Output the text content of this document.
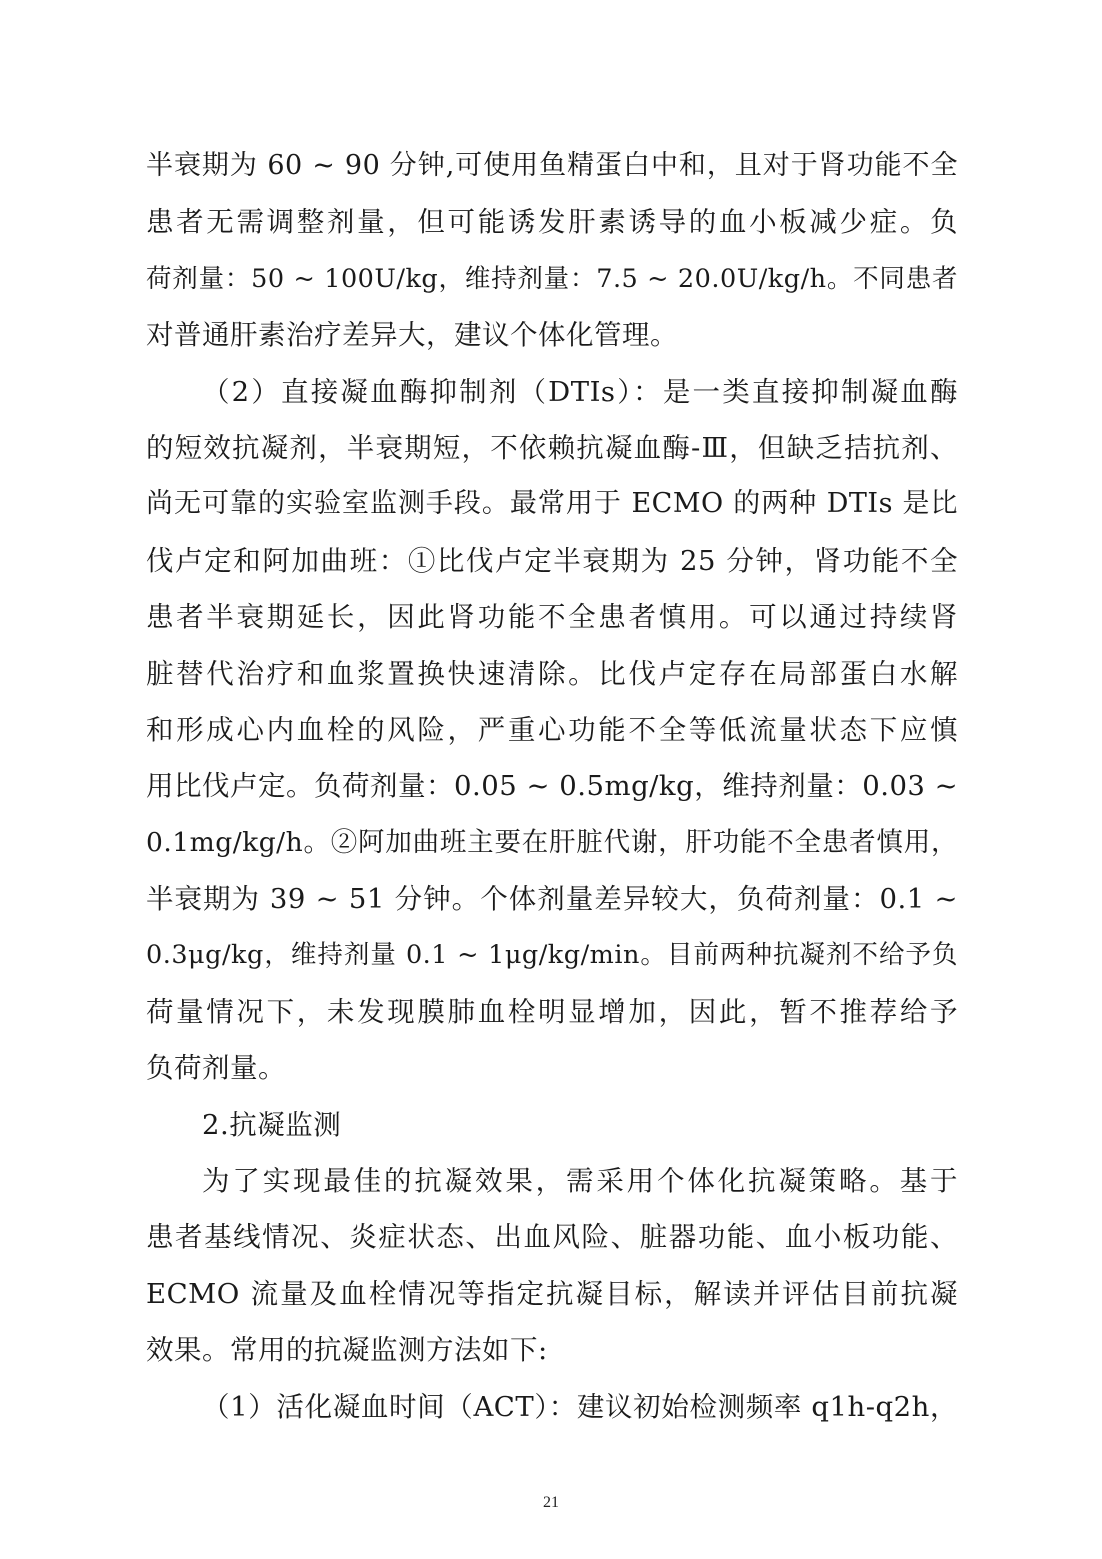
半衰期为 60 ~ 90 分钟,可使用鱼精蛋白中和，且对于肾功能不全
患者无需调整剂量，但可能诱发肝素诱导的血小板减少症。负
荷剂量：50 ~ 100U/kg，维持剂量：7.5 ~ 20.0U/kg/h。不同患者
对普通肝素治疗差异大，建议个体化管理。
（2）直接凝血酶抑制剂（DTIs）：是一类直接抑制凝血酶
的短效抗凝剂，半衰期短，不依赖抗凝血酶-Ⅲ，但缺乏拮抗剂、
尚无可靠的实验室监测手段。最常用于 ECMO 的两种 DTIs 是比
伐卢定和阿加曲班：①比伐卢定半衰期为 25 分钟，肾功能不全
患者半衰期延长，因此肾功能不全患者慎用。可以通过持续肾
脏替代治疗和血浆置换快速清除。比伐卢定存在局部蛋白水解
和形成心内血栓的风险，严重心功能不全等低流量状态下应慎
用比伐卢定。负荷剂量：0.05 ~ 0.5mg/kg，维持剂量：0.03 ~
0.1mg/kg/h。②阿加曲班主要在肝脏代谢，肝功能不全患者慎用，
半衰期为 39 ~ 51 分钟。个体剂量差异较大，负荷剂量：0.1 ~
0.3μg/kg，维持剂量 0.1 ~ 1μg/kg/min。目前两种抗凝剂不给予负
荷量情况下，未发现膜肺血栓明显增加，因此，暂不推荐给予
负荷剂量。
2.抗凝监测
为了实现最佳的抗凝效果，需采用个体化抗凝策略。基于
患者基线情况、炎症状态、出血风险、脏器功能、血小板功能、
ECMO 流量及血栓情况等指定抗凝目标，解读并评估目前抗凝
效果。常用的抗凝监测方法如下:
（1）活化凝血时间（ACT）：建议初始检测频率 q1h-q2h，
21
